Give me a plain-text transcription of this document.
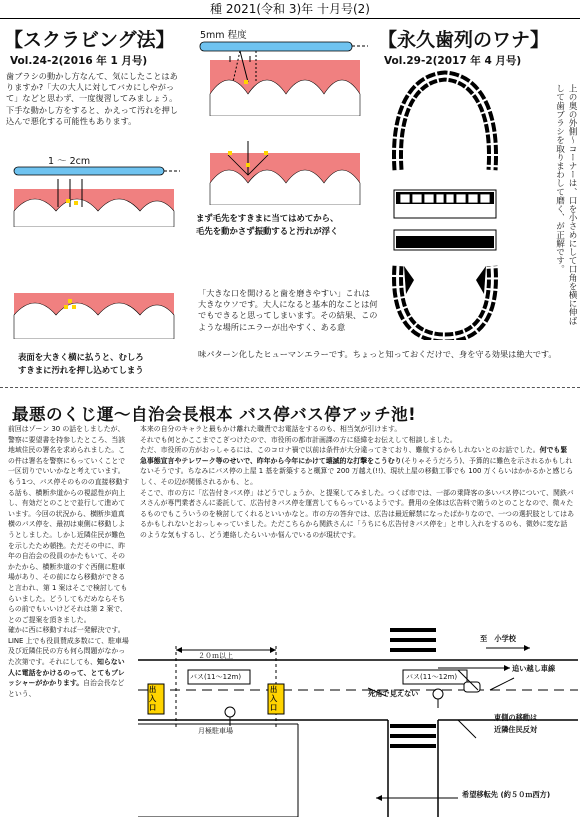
種 2021(令和 3)年 十月号(2)
【スクラビング法】
Vol.24-2(2016 年 1 月号)
歯ブラシの動かし方なんて、気にしたことはありますか?「大の大人に対してバカにしやがって」などと思わず、一度復習してみましょう。下手な動かし方をすると、かえって汚れを押し込んで悪化する可能性もあります。
5mm 程度
まず毛先をすきまに当てはめてから、
毛先を動かさず振動すると汚れが浮く
1 ～ 2cm
表面を大きく横に払うと、むしろ
すきまに汚れを押し込めてしまう
「大きな口を開けると歯を磨きやすい」これは大きなウソです。大人になると基本的なことは何でもできると思ってしまいます。その結果、このような場所にエラーが出やすく、ある意
味パターン化したヒューマンエラーです。ちょっと知っておくだけで、身を守る効果は絶大です。
【永久歯列のワナ】
Vol.29-2(2017 年 4 月号)
上の奥の外側～コーナーは、口を小さめにして口角を横に伸ばして歯ブラシを取りまわして磨く、が正解です。
最悪のくじ運～自治会長根本 バス停バス停アッチ池!
前回はゾーン 30 の話をしましたが、警察に要望書を持参したところ、当該地域住民の署名を求められました。この件は署名を警察にもっていくことで一区切りでいいかなと考えています。
もう1つ、バス停そのものの直接移動する話も、横断歩道からの視認性が向上し、有効だとのことで並行して進めています。今回の状況から、横断歩道真横のバス停を、最初は東側に移動しようとしました。しかし近隣住民が難色を示したため頓挫。ただその中に、昨年の自治会の役員のかたもいて、そのかたから、横断歩道のすぐ西側に駐車場があり、その前になら移動ができると言われ、第 1 案はそこで検討してもらいました。どうしてもだめならそちらの前でもいいけどそれは第 2 案で、とのご提案を頂きました。
確かに西に移動すれば一発解決です。LINE 上でも役員賛成多数にて、駐車場及び近隣住民の方も何ら問題がなかった次第です。それにしても、知らない人に電話をかけるのって、とてもプレッシャーがかかります。自治会長などという、
本来の自分のキャラと最もかけ離れた職責でお電話をするのも、相当気が引けます。
それでも何とかここまでこぎつけたので、市役所の都市計画課の方に経緯をお伝えして相談しました。
ただ、市役所の方がおっしゃるには、このコロナ禍で以前は条件が大分違ってきており、難航するかもしれないとのお話でした。何でも緊急事態宣言やテレワーク等のせいで、昨年から今年にかけて壊滅的な打撃をこうむり(そりゃそうだろう)、予算的に難色を示されるかもしれないそうです。ちなみにバス停の上屋 1 基を新築すると概算で 200 万越え(!!)、現状上屋の移動工事でも 100 万くらいはかかるかと感じらしく、その辺が関係されるかも、と。
そこで、市の方に「広告付きバス停」はどうでしょうか、と提案してみました。つくば市では、一部の乗降客の多いバス停について、関鉄バスさんが専門業者さんに委託して、広告付きバス停を運営してもらっているようです。費用の全体は広告料で賄うのとのことなので、微々たるものでもこういうのを検討してくれるといいかなと。市の方の答弁では、広告は最近解禁になったばかりなので、一つの選択肢としてはあるかもしれないとおっしゃっていました。ただこちらから関鉄さんに「うちにも広告付きバス停を」と申し入れをするのも、微妙に変な話のような気もするし、どう連絡したらいいか悩んでいるのが現状です。
至　小学校
２０ｍ以上
バス(11～12m)	バス(11～12m)
追い越し車線
出入口
出入口
死角で見えない
月極駐車場
東側の移動は
近隣住民反対
希望移転先 (約５０ｍ西方)
